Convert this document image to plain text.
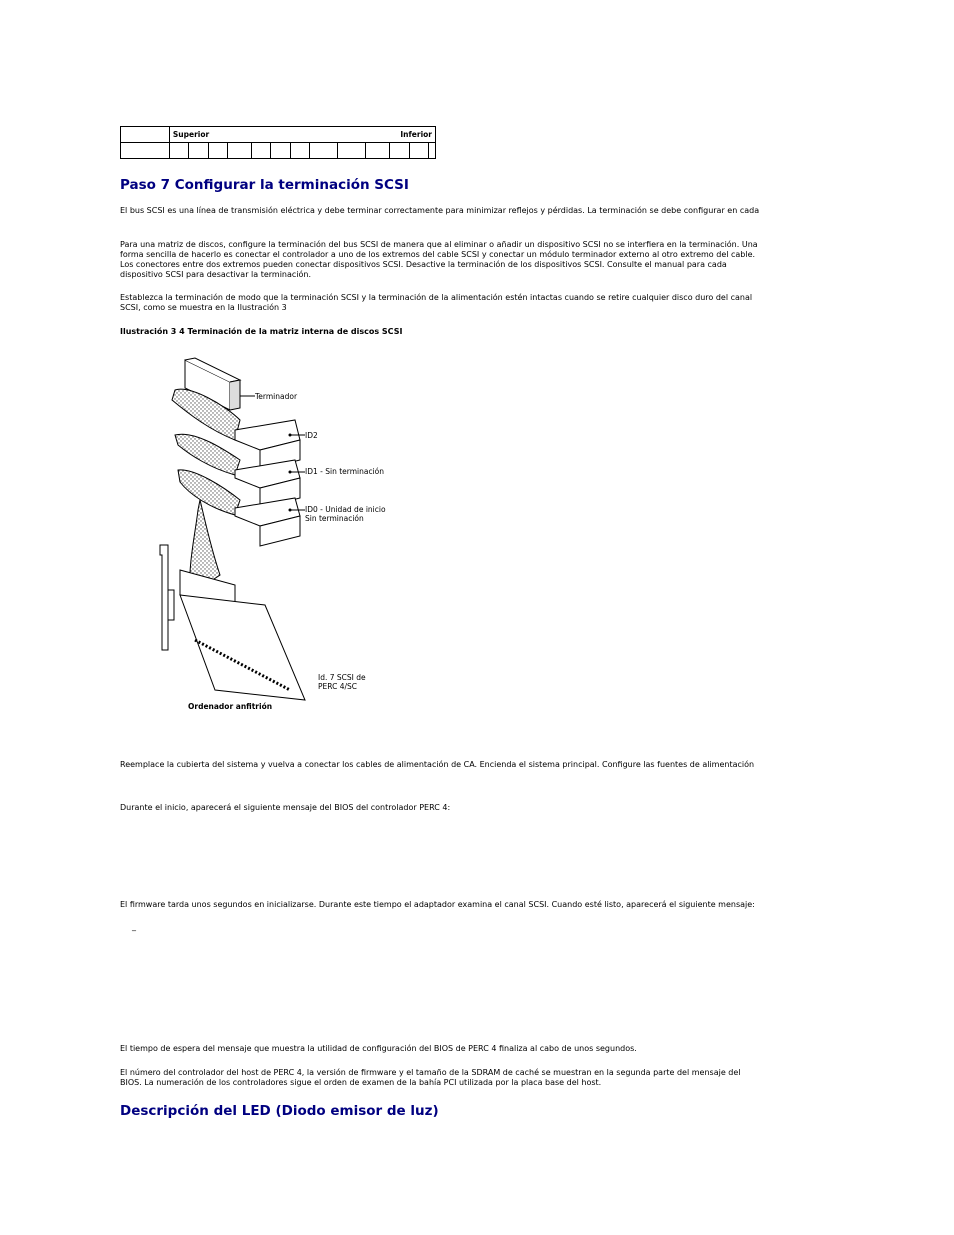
	Superior Inferior												

Paso 7 Configurar la terminación SCSI
El bus SCSI es una línea de transmisión eléctrica y debe terminar correctamente para minimizar reflejos y pérdidas. La terminación se debe configurar en cada
Para una matriz de discos, configure la terminación del bus SCSI de manera que al eliminar o añadir un dispositivo SCSI no se interfiera en la terminación. Una
forma sencilla de hacerlo es conectar el controlador a uno de los extremos del cable SCSI y conectar un módulo terminador externo al otro extremo del cable.
Los conectores entre dos extremos pueden conectar dispositivos SCSI. Desactive la terminación de los dispositivos SCSI. Consulte el manual para cada
dispositivo SCSI para desactivar la terminación.
Establezca la terminación de modo que la terminación SCSI y la terminación de la alimentación estén intactas cuando se retire cualquier disco duro del canal
SCSI, como se muestra en la Ilustración 3
Ilustración 3 4 Terminación de la matriz interna de discos SCSI
Terminador
ID2
ID1 - Sin terminación
ID0 - Unidad de inicio
Sin terminación
Id. 7 SCSI de
PERC 4/SC
Ordenador anfitrión
Reemplace la cubierta del sistema y vuelva a conectar los cables de alimentación de CA. Encienda el sistema principal. Configure las fuentes de alimentación
Durante el inicio, aparecerá el siguiente mensaje del BIOS del controlador PERC 4:
El firmware tarda unos segundos en inicializarse. Durante este tiempo el adaptador examina el canal SCSI. Cuando esté listo, aparecerá el siguiente mensaje:
_
El tiempo de espera del mensaje que muestra la utilidad de configuración del BIOS de PERC 4 finaliza al cabo de unos segundos.
El número del controlador del host de PERC 4, la versión de firmware y el tamaño de la SDRAM de caché se muestran en la segunda parte del mensaje del
BIOS. La numeración de los controladores sigue el orden de examen de la bahía PCI utilizada por la placa base del host.
Descripción del LED (Diodo emisor de luz)
